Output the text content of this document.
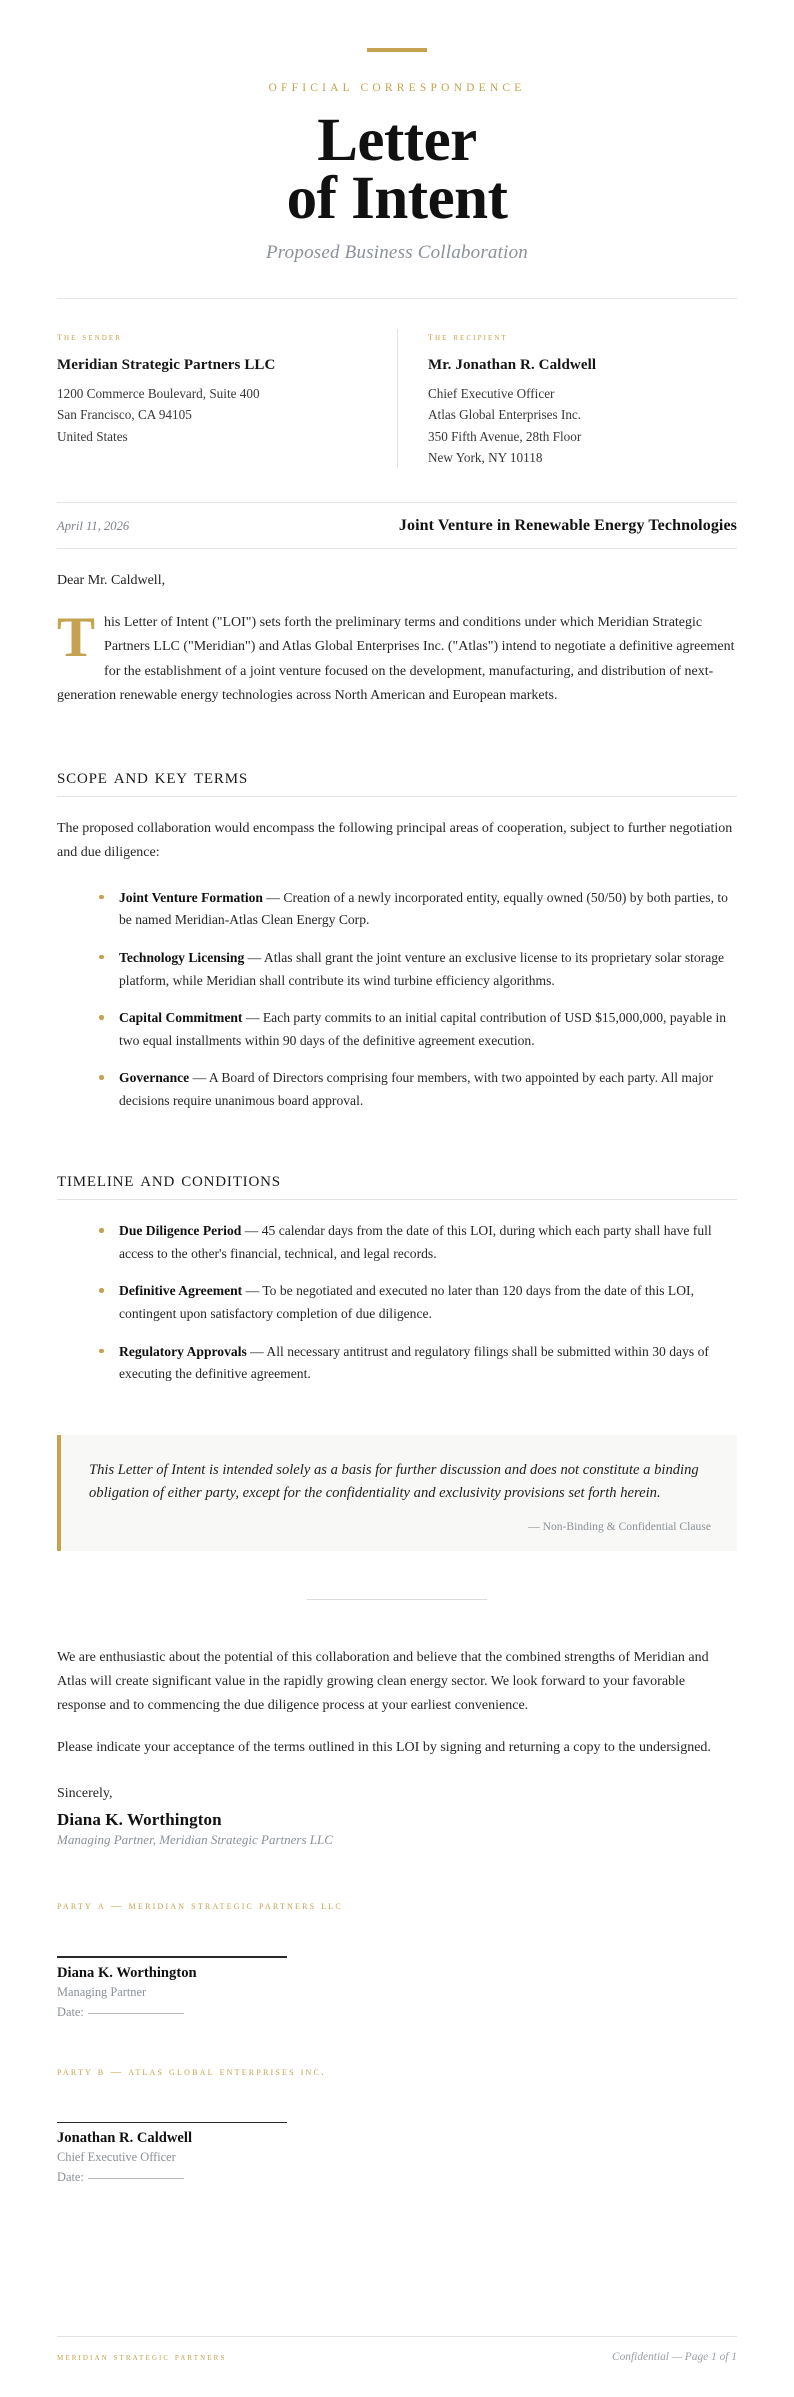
OFFICIAL CORRESPONDENCE
Letter
of Intent
Proposed Business Collaboration
the sender
Meridian Strategic Partners LLC
1200 Commerce Boulevard, Suite 400
San Francisco, CA 94105
United States
the recipient
Mr. Jonathan R. Caldwell
Chief Executive Officer
Atlas Global Enterprises Inc.
350 Fifth Avenue, 28th Floor
New York, NY 10118
April 11, 2026	Joint Venture in Renewable Energy Technologies
Dear Mr. Caldwell,

This Letter of Intent ("LOI") sets forth the preliminary terms and conditions under which Meridian Strategic Partners LLC ("Meridian") and Atlas Global Enterprises Inc. ("Atlas") intend to negotiate a definitive agreement for the establishment of a joint venture focused on the development, manufacturing, and distribution of next-generation renewable energy technologies across North American and European markets.

scope and key terms

The proposed collaboration would encompass the following principal areas of cooperation, subject to further negotiation and due diligence:

Joint Venture Formation — Creation of a newly incorporated entity, equally owned (50/50) by both parties, to be named Meridian-Atlas Clean Energy Corp.
Technology Licensing — Atlas shall grant the joint venture an exclusive license to its proprietary solar storage platform, while Meridian shall contribute its wind turbine efficiency algorithms.
Capital Commitment — Each party commits to an initial capital contribution of USD $15,000,000, payable in two equal installments within 90 days of the definitive agreement execution.
Governance — A Board of Directors comprising four members, with two appointed by each party. All major decisions require unanimous board approval.
timeline and conditions
Due Diligence Period — 45 calendar days from the date of this LOI, during which each party shall have full access to the other's financial, technical, and legal records.
Definitive Agreement — To be negotiated and executed no later than 120 days from the date of this LOI, contingent upon satisfactory completion of due diligence.
Regulatory Approvals — All necessary antitrust and regulatory filings shall be submitted within 30 days of executing the definitive agreement.

This Letter of Intent is intended solely as a basis for further discussion and does not constitute a binding obligation of either party, except for the confidentiality and exclusivity provisions set forth herein.

— Non-Binding & Confidential Clause

We are enthusiastic about the potential of this collaboration and believe that the combined strengths of Meridian and Atlas will create significant value in the rapidly growing clean energy sector. We look forward to your favorable response and to commencing the due diligence process at your earliest convenience.

Please indicate your acceptance of the terms outlined in this LOI by signing and returning a copy to the undersigned.

Sincerely,
Diana K. Worthington
Managing Partner, Meridian Strategic Partners LLC
party a — meridian strategic partners llc
Diana K. Worthington
Managing Partner
Date:
party b — atlas global enterprises inc.
Jonathan R. Caldwell
Chief Executive Officer
Date:
meridian strategic partners	Confidential — Page 1 of 1
